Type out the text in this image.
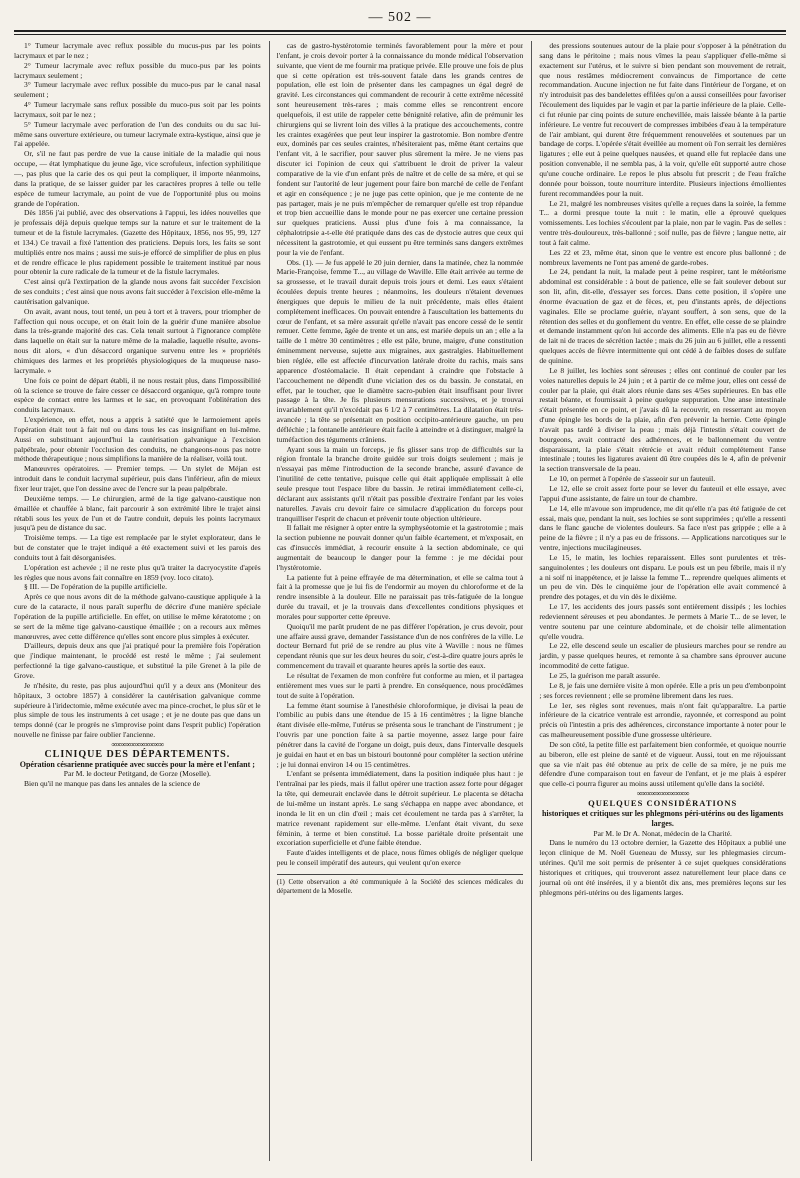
— 502 —

1° Tumeur lacrymale avec reflux possible du mucus-pus par les points lacrymaux et par le nez ;

2° Tumeur lacrymale avec reflux possible du muco-pus par les points lacrymaux seulement ;

3° Tumeur lacrymale avec reflux possible du muco-pus par le canal nasal seulement ;

4° Tumeur lacrymale sans reflux possible du muco-pus soit par les points lacrymaux, soit par le nez ;

5° Tumeur lacrymale avec perforation de l'un des conduits ou du sac lui-même sans ouverture extérieure, ou tumeur lacrymale extra-kystique, ainsi que je l'ai appelée.

Or, s'il ne faut pas perdre de vue la cause initiale de la maladie qui nous occupe, — état lymphatique du jeune âge, vice scrofuleux, infection syphilitique —, pas plus que la carie des os qui peut la compliquer, il importe néanmoins, dans la pratique, de se laisser guider par les caractères propres à telle ou telle espèce de tumeur lacrymale, au point de vue de l'opportunité plus ou moins grande de l'opération.

Dès 1856 j'ai publié, avec des observations à l'appui, les idées nouvelles que je professais déjà depuis quelque temps sur la nature et sur le traitement de la tumeur et de la fistule lacrymales. (Gazette des Hôpitaux, 1856, nos 95, 99, 127 et 134.) Ce travail a fixé l'attention des praticiens. Depuis lors, les faits se sont multipliés entre nos mains ; aussi me suis-je efforcé de simplifier de plus en plus et de rendre efficace le plus rapidement possible le traitement institué par nous pour obtenir la cure radicale de la tumeur et de la fistule lacrymales.

C'est ainsi qu'à l'extirpation de la glande nous avons fait succéder l'excision de ses conduits ; c'est ainsi que nous avons fait succéder à l'excision elle-même la cautérisation galvanique.

On avait, avant nous, tout tenté, un peu à tort et à travers, pour triompher de l'affection qui nous occupe, et on était loin de la guérir d'une manière absolue dans la très-grande majorité des cas. Cela tenait surtout à l'ignorance complète dans laquelle on était sur la nature même de la maladie, laquelle résulte, avons-nous dit alors, « d'un désaccord organique survenu entre les » propriétés chimiques des larmes et les propriétés physiologiques de la muqueuse naso-lacrymale. »

Une fois ce point de départ établi, il ne nous restait plus, dans l'impossibilité où la science se trouve de faire cesser ce désaccord organique, qu'à rompre toute espèce de contact entre les larmes et le sac, en provoquant l'oblitération des conduits lacrymaux.

L'expérience, en effet, nous a appris à satiété que le larmoiement après l'opération était tout à fait nul ou dans tous les cas insignifiant en lui-même. Aussi en substituant aujourd'hui la cautérisation galvanique à l'excision palpébrale, pour obtenir l'occlusion des conduits, ne changeons-nous pas notre méthode thérapeutique ; nous simplifions la manière de la réaliser, voilà tout.

Manœuvres opératoires. — Premier temps. — Un stylet de Méjan est introduit dans le conduit lacrymal supérieur, puis dans l'inférieur, afin de mieux fixer leur trajet, que l'on dessine avec de l'encre sur la peau palpébrale.

Deuxième temps. — Le chirurgien, armé de la tige galvano-caustique non émaillée et chauffée à blanc, fait parcourir à son extrémité libre le trajet ainsi rétabli sous les yeux de l'un et de l'autre conduit, depuis les points lacrymaux jusqu'à peu de distance du sac.

Troisième temps. — La tige est remplacée par le stylet explorateur, dans le but de constater que le trajet indiqué a été exactement suivi et les parois des conduits tout à fait désorganisées.

L'opération est achevée ; il ne reste plus qu'à traiter la dacryocystite d'après les règles que nous avons fait connaître en 1859 (voy. loco citato).

§ III. — De l'opération de la pupille artificielle.

Après ce que nous avons dit de la méthode galvano-caustique appliquée à la cure de la cataracte, il nous paraît superflu de décrire d'une manière spéciale l'opération de la pupille artificielle. En effet, on utilise le même kératotome ; on se sert de la même tige galvano-caustique émaillée ; on a recours aux mêmes manœuvres, avec cette différence qu'elles sont encore plus simples à exécuter.

D'ailleurs, depuis deux ans que j'ai pratiqué pour la première fois l'opération que j'indique maintenant, le procédé est resté le même ; j'ai seulement perfectionné la tige galvano-caustique, et substitué la pile Grenet à la pile de Grove.

Je n'hésite, du reste, pas plus aujourd'hui qu'il y a deux ans (Moniteur des hôpitaux, 3 octobre 1857) à considérer la cautérisation galvanique comme supérieure à l'iridectomie, même exécutée avec ma pince-crochet, le plus sûr et le plus simple de tous les instruments à cet usage ; et je ne doute pas que dans un temps donné (car le progrès ne s'improvise point dans l'esprit public) l'opération nouvelle ne finisse par faire oublier l'ancienne.

∞∞∞∞∞∞∞∞∞∞∞

CLINIQUE DES DÉPARTEMENTS.

Opération césarienne pratiquée avec succès pour la mère et l'enfant ;

Par M. le docteur Petitgand, de Gorze (Moselle).

Bien qu'il ne manque pas dans les annales de la science de

cas de gastro-hystérotomie terminés favorablement pour la mère et pour l'enfant, je crois devoir porter à la connaissance du monde médical l'observation suivante, que vient de me fournir ma pratique privée. Elle prouve une fois de plus que si cette opération est très-souvent fatale dans les grands centres de population, elle est loin de présenter dans les campagnes un égal degré de gravité. Les circonstances qui commandent de recourir à cette extrême nécessité sont heureusement très-rares ; mais comme elles se rencontrent encore quelquefois, il est utile de rappeler cette bénignité relative, afin de prémunir les chirurgiens qui se livrent loin des villes à la pratique des accouchements, contre les craintes exagérées que peut leur inspirer la gastrotomie. Bon nombre d'entre eux, dominés par ces seules craintes, n'hésiteraient pas, même étant certains que l'enfant vit, à le sacrifier, pour sauver plus sûrement la mère. Je ne viens pas discuter ici l'opinion de ceux qui s'attribuent le droit de priver la valeur comparative de la vie d'un enfant près de naître et de celle de sa mère, et qui se fondent sur l'autorité de leur jugement pour faire bon marché de celle de l'enfant et agir en conséquence ; je ne juge pas cette opinion, que je me contente de ne pas partager, mais je ne puis m'empêcher de remarquer qu'elle est trop répandue et trop bien accueillie dans le monde pour ne pas exercer une certaine pression sur quelques praticiens. Aussi plus d'une fois à ma connaissance, la céphalotripsie a-t-elle été pratiquée dans des cas de dystocie autres que ceux qui nécessitent la gastrotomie, et qui eussent pu être terminés sans dangers extrêmes pour la vie de l'enfant.

Obs. (1). — Je fus appelé le 20 juin dernier, dans la matinée, chez la nommée Marie-Françoise, femme T..., au village de Waville. Elle était arrivée au terme de sa grossesse, et le travail durait depuis trois jours et demi. Les eaux s'étaient écoulées depuis trente heures ; néanmoins, les douleurs n'étaient devenues énergiques que depuis le milieu de la nuit précédente, mais elles étaient complétement inefficaces. On pouvait entendre à l'auscultation les battements du cœur de l'enfant, et sa mère assurait qu'elle n'avait pas encore cessé de le sentir remuer. Cette femme, âgée de trente et un ans, est mariée depuis un an ; elle a la taille de 1 mètre 30 centimètres ; elle est pâle, brune, maigre, d'une constitution éminemment nerveuse, sujette aux migraines, aux gastralgies. Habituellement bien réglée, elle est affectée d'incurvation latérale droite du rachis, mais sans apparence d'ostéomalacie. Il était cependant à craindre que l'obstacle à l'accouchement ne dépendît d'une viciation des os du bassin. Je constatai, en effet, par le toucher, que le diamètre sacro-pubien était insuffisant pour livrer passage à la tête. Je fis plusieurs mensurations successives, et je trouvai invariablement qu'il n'excédait pas 6 1/2 à 7 centimètres. La dilatation était très-avancée ; la tête se présentait en position occipito-antérieure gauche, un peu défléchie ; la fontanelle antérieure était facile à atteindre et à distinguer, malgré la tuméfaction des téguments crâniens.

Ayant sous la main un forceps, je fis glisser sans trop de difficultés sur la région frontale la branche droite guidée sur trois doigts seulement ; mais je n'essayai pas même l'introduction de la seconde branche, assuré d'avance de l'inutilité de cette tentative, puisque celle qui était appliquée emplissait à elle seule presque tout l'espace libre du bassin. Je retirai immédiatement celle-ci, déclarant aux assistants qu'il n'était pas possible d'extraire l'enfant par les voies naturelles. J'avais cru devoir faire ce simulacre d'application du forceps pour tranquilliser l'esprit de chacun et prévenir toute objection ultérieure.

Il fallait me résigner à opter entre la symphyséotomie et la gastrotomie ; mais la section pubienne ne pouvait donner qu'un faible écartement, et m'exposait, en cas d'insuccès immédiat, à recourir ensuite à la section abdominale, ce qui augmentait de beaucoup le danger pour la femme : je me décidai pour l'hystérotomie.

La patiente fut à peine effrayée de ma détermination, et elle se calma tout à fait à la promesse que je lui fis de l'endormir au moyen du chloroforme et de la rendre insensible à la douleur. Elle ne paraissait pas très-fatiguée de la longue durée du travail, et je la trouvais dans d'excellentes conditions physiques et morales pour supporter cette épreuve.

Quoiqu'il me parût prudent de ne pas différer l'opération, je crus devoir, pour une affaire aussi grave, demander l'assistance d'un de nos confrères de la ville. Le docteur Bernard fut prié de se rendre au plus vite à Waville : nous ne fûmes cependant réunis que sur les deux heures du soir, c'est-à-dire quatre jours après le commencement du travail et quarante heures après la sortie des eaux.

Le résultat de l'examen de mon confrère fut conforme au mien, et il partagea entièrement mes vues sur le parti à prendre. En conséquence, nous procédâmes tout de suite à l'opération.

La femme étant soumise à l'anesthésie chloroformique, je divisai la peau de l'ombilic au pubis dans une étendue de 15 à 16 centimètres ; la ligne blanche étant divisée elle-même, l'utérus se présenta sous le tranchant de l'instrument ; je l'ouvris par une ponction faite à sa partie moyenne, assez large pour faire pénétrer dans la cavité de l'organe un doigt, puis deux, dans l'intervalle desquels je guidai en haut et en bas un bistouri boutonné pour compléter la section utérine ; je lui donnai environ 14 ou 15 centimètres.

L'enfant se présenta immédiatement, dans la position indiquée plus haut : je l'entraînai par les pieds, mais il fallut opérer une traction assez forte pour dégager la tête, qui demeurait enclavée dans le détroit supérieur. Le placenta se détacha de lui-même un instant après. Le sang s'échappa en nappe avec abondance, et inonda le lit en un clin d'œil ; mais cet écoulement ne tarda pas à s'arrêter, la matrice revenant rapidement sur elle-même. L'enfant était vivant, du sexe féminin, à terme et bien constitué. La bosse pariétale droite présentait une excoriation superficielle et d'une faible étendue.

Faute d'aides intelligents et de place, nous fûmes obligés de négliger quelque peu le conseil impératif des auteurs, qui veulent qu'on exerce

(1) Cette observation a été communiquée à la Société des sciences médicales du département de la Moselle.

des pressions soutenues autour de la plaie pour s'opposer à la pénétration du sang dans le péritoine ; mais nous vîmes la peau s'appliquer d'elle-même si exactement sur l'utérus, et le suivre si bien pendant son mouvement de retrait, que nous restâmes médiocrement convaincus de l'importance de cette recommandation. Aucune injection ne fut faite dans l'intérieur de l'organe, et on n'y introduisit pas des bandelettes effilées qu'on a aussi conseillées pour favoriser l'écoulement des liquides par le vagin et par la partie inférieure de la plaie. Celle-ci fut réunie par cinq points de suture enchevillée, mais laissée béante à la partie inférieure. Le ventre fut recouvert de compresses imbibées d'eau à la température de l'air ambiant, qui durent être fréquemment renouvelées et soutenues par un bandage de corps. L'opérée s'était éveillée au moment où l'on serrait les dernières ligatures ; elle eut à peine quelques nausées, et quand elle fut replacée dans une position convenable, il ne sembla pas, à la voir, qu'elle eût supporté autre chose qu'une couche ordinaire. Le repos le plus absolu fut prescrit ; de l'eau fraîche donnée pour boisson, toute nourriture interdite. Plusieurs injections émollientes furent recommandées pour la nuit.

Le 21, malgré les nombreuses visites qu'elle a reçues dans la soirée, la femme T... a dormi presque toute la nuit : le matin, elle a éprouvé quelques vomissements. Les lochies s'écoulent par la plaie, non par le vagin. Pas de selles : ventre très-douloureux, très-ballonné ; soif nulle, pas de fièvre ; langue nette, air tout à fait calme.

Les 22 et 23, même état, sinon que le ventre est encore plus ballonné ; de nombreux lavements ne l'ont pas amené de garde-robes.

Le 24, pendant la nuit, la malade peut à peine respirer, tant le météorisme abdominal est considérable : à bout de patience, elle se fait soulever debout sur son lit, afin, dit-elle, d'essayer ses forces. Dans cette position, il s'opère une énorme évacuation de gaz et de fèces, et, peu d'instants après, de déjections vaginales. Elle se proclame guérie, n'ayant souffert, à son sens, que de la rétention des selles et du gonflement du ventre. En effet, elle cesse de se plaindre et demande instamment qu'on lui accorde des aliments. Elle n'a pas eu de fièvre de lait ni de traces de sécrétion lactée ; mais du 26 juin au 6 juillet, elle a ressenti quelques accès de fièvre intermittente qui ont cédé à de faibles doses de sulfate de quinine.

Le 8 juillet, les lochies sont séreuses ; elles ont continué de couler par les voies naturelles depuis le 24 juin ; et à partir de ce même jour, elles ont cessé de couler par la plaie, qui était alors réunie dans ses 4/5es supérieures. En bas elle restait béante, et fournissait à peine quelque suppuration. Une anse intestinale s'était présentée en ce point, et j'avais dû la recouvrir, en resserrant au moyen d'une épingle les bords de la plaie, afin d'en prévenir la hernie. Cette épingle n'avait pas tardé à diviser la peau ; mais déjà l'intestin s'était couvert de bourgeons, avait contracté des adhérences, et le ballonnement du ventre disparaissant, la plaie s'était rétrécie et avait réduit complétement l'anse intestinale ; toutes les ligatures avaient dû être coupées dès le 4, afin de prévenir la section transversale de la peau.

Le 10, on permet à l'opérée de s'asseoir sur un fauteuil.

Le 12, elle se croit assez forte pour se lever du fauteuil et elle essaye, avec l'appui d'une assistante, de faire un tour de chambre.

Le 14, elle m'avoue son imprudence, me dit qu'elle n'a pas été fatiguée de cet essai, mais que, pendant la nuit, ses lochies se sont supprimées ; qu'elle a ressenti dans le flanc gauche de violentes douleurs. Sa face n'est pas grippée ; elle a à peine de la fièvre ; il n'y a pas eu de frissons. — Applications narcotiques sur le ventre, injections mucilagineuses.

Le 15, le matin, les lochies reparaissent. Elles sont purulentes et très-sanguinolentes ; les douleurs ont disparu. Le pouls est un peu fébrile, mais il n'y a ni soif ni inappétence, et je laisse la femme T... reprendre quelques aliments et un peu de vin. Dès le cinquième jour de l'opération elle avait commencé à prendre des potages, et du vin dès le dixième.

Le 17, les accidents des jours passés sont entièrement dissipés ; les lochies redeviennent séreuses et peu abondantes. Je permets à Marie T... de se lever, le ventre soutenu par une ceinture abdominale, et de choisir telle alimentation qu'elle voudra.

Le 22, elle descend seule un escalier de plusieurs marches pour se rendre au jardin, y passe quelques heures, et remonte à sa chambre sans éprouver aucune incommodité de cette fatigue.

Le 25, la guérison me paraît assurée.

Le 8, je fais une dernière visite à mon opérée. Elle a pris un peu d'embonpoint ; ses forces reviennent ; elle se promène librement dans les rues.

Le 1er, ses règles sont revenues, mais n'ont fait qu'apparaître. La partie inférieure de la cicatrice ventrale est arrondie, rayonnée, et correspond au point précis où l'intestin a pris des adhérences, circonstance importante à noter pour le cas malheureusement possible d'une grossesse ultérieure.

De son côté, la petite fille est parfaitement bien conformée, et quoique nourrie au biberon, elle est pleine de santé et de vigueur. Aussi, tout en me réjouissant que sa vie n'ait pas été obtenue au prix de celle de sa mère, je ne puis me défendre d'une comparaison tout en faveur de l'enfant, et je me plais à espérer que celle-ci pourra figurer au moins aussi utilement qu'elle dans la société.

∞∞∞∞∞∞∞∞∞∞∞

QUELQUES CONSIDÉRATIONS

historiques et critiques sur les phlegmons péri-utérins ou des ligaments larges.

Par M. le Dr A. Nonat, médecin de la Charité.

Dans le numéro du 13 octobre dernier, la Gazette des Hôpitaux a publié une leçon clinique de M. Noël Gueneau de Mussy, sur les phlegmasies circum-utérines. Qu'il me soit permis de présenter à ce sujet quelques considérations historiques et critiques, qui trouveront assez naturellement leur place dans ce journal où ont été insérées, il y a bientôt dix ans, mes premières leçons sur les phlegmons péri-utérins ou des ligaments larges.
